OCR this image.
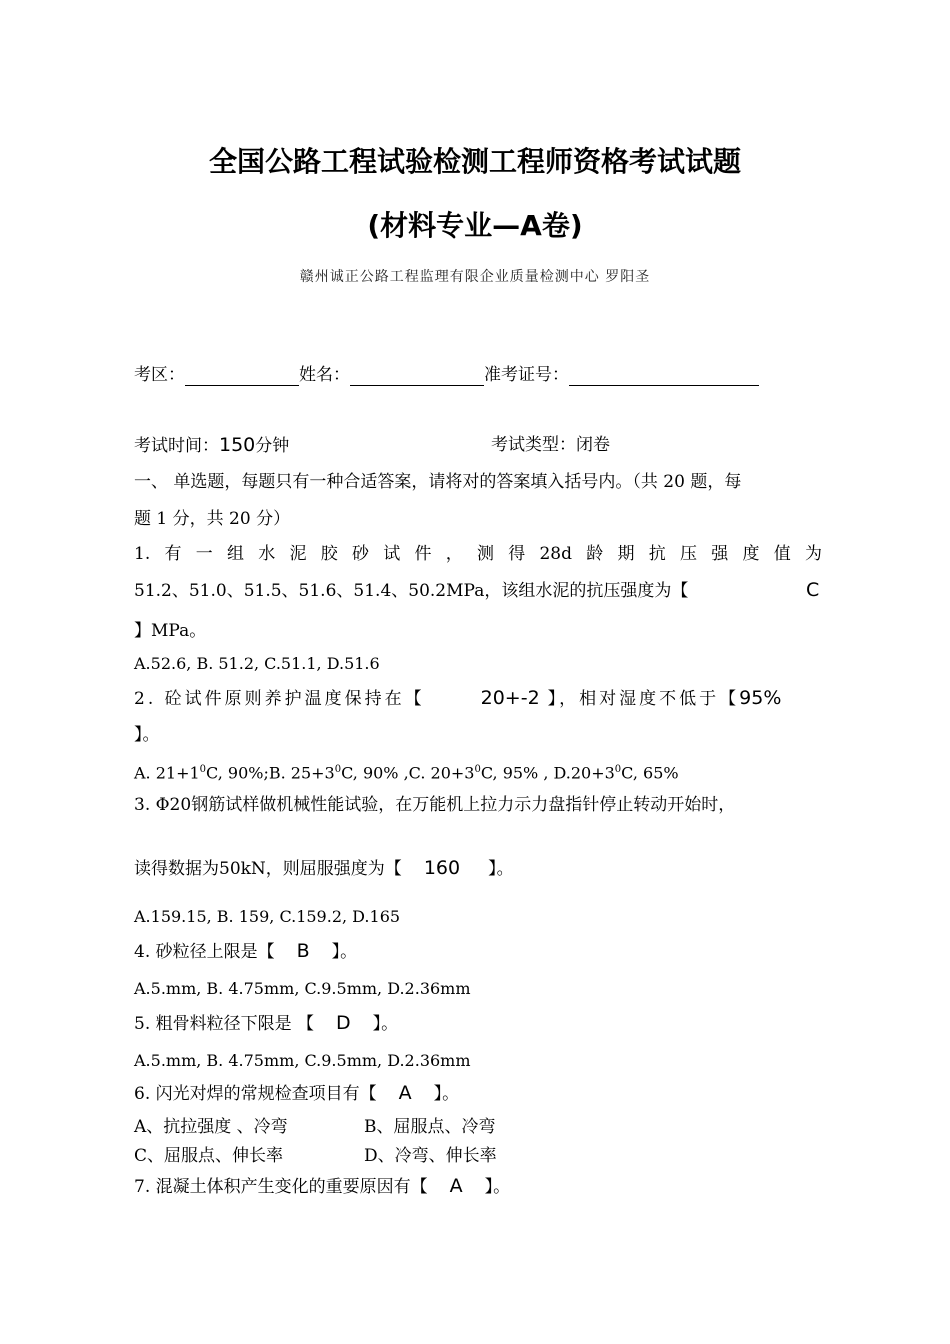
全国公路工程试验检测工程师资格考试试题
(材料专业—A卷)
赣州诚正公路工程监理有限企业质量检测中心 罗阳圣
考区：	姓名：	准考证号：
考试时间：150分钟	考试类型：闭卷
一、 单选题，每题只有一种合适答案，请将对的答案填入括号内。（共 20 题，每
题 1 分，共 20 分）
1. 有 一 组 水 泥 胶 砂 试 件 ， 测 得 28d 龄 期 抗 压 强 度 值 为
51.2、51.0、51.5、51.6、51.4、50.2MPa，该组水泥的抗压强度为【	C
】MPa。
A.52.6, B. 51.2, C.51.1, D.51.6
2. 砼试件原则养护温度保持在【	20+-2 】，相对湿度不低于【95%
】。
A. $21+1^0C$, 90%;B. $25+3^0C$, 90% ,C. $20+3^0C$, 95% , $D.20+3^0C$, 65%
3. Φ20钢筋试样做机械性能试验，在万能机上拉力示力盘指针停止转动开始时，
读得数据为50kN，则屈服强度为【 160 】。
A.159.15, B. 159, C.159.2, D.165
4. 砂粒径上限是【 B 】。
A.5.mm, B. 4.75mm, C.9.5mm, D.2.36mm
5. 粗骨料粒径下限是 【 D 】。
A.5.mm, B. 4.75mm, C.9.5mm, D.2.36mm
6. 闪光对焊的常规检查项目有【 A 】。
A、抗拉强度 、冷弯	B、屈服点、冷弯
C、屈服点、伸长率	D、冷弯、伸长率
7. 混凝土体积产生变化的重要原因有【 A 】。
